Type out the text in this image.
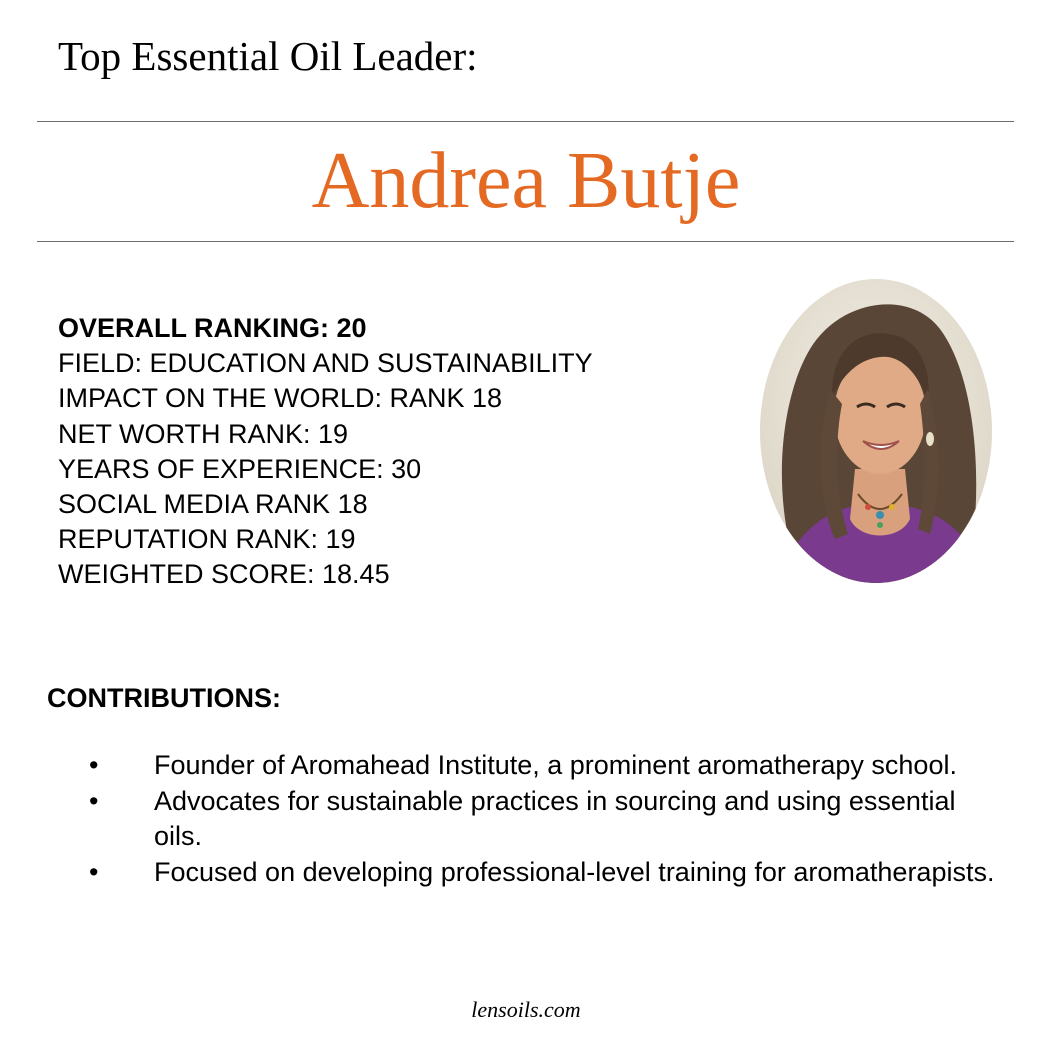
Top Essential Oil Leader:
Andrea Butje
OVERALL RANKING: 20
FIELD: EDUCATION AND SUSTAINABILITY
IMPACT ON THE WORLD: RANK 18
NET WORTH RANK: 19
YEARS OF EXPERIENCE: 30
SOCIAL MEDIA RANK 18
REPUTATION RANK: 19
WEIGHTED SCORE: 18.45
CONTRIBUTIONS:
• Founder of Aromahead Institute, a prominent aromatherapy school.
• Advocates for sustainable practices in sourcing and using essential oils.
• Focused on developing professional-level training for aromatherapists.

lensoils.com
